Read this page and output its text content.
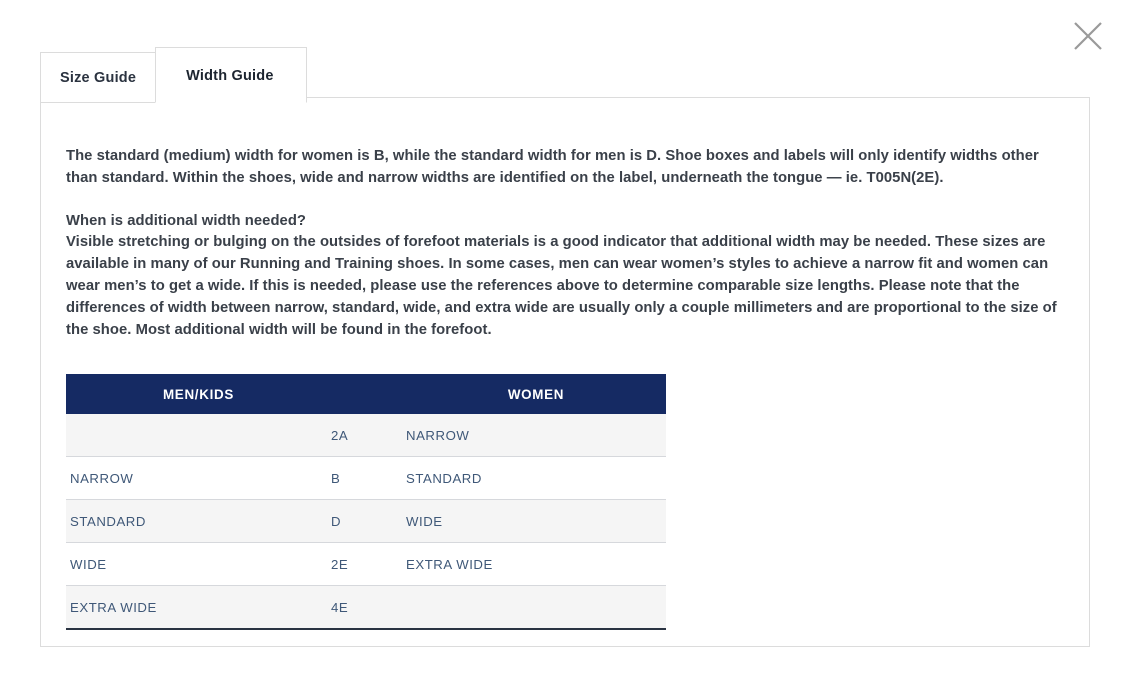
Size Guide	Width Guide

The standard (medium) width for women is B, while the standard width for men is D. Shoe boxes and labels will only identify widths other than standard. Within the shoes, wide and narrow widths are identified on the label, underneath the tongue — ie. T005N(2E).

When is additional width needed?

Visible stretching or bulging on the outsides of forefoot materials is a good indicator that additional width may be needed. These sizes are available in many of our Running and Training shoes. In some cases, men can wear women’s styles to achieve a narrow fit and women can wear men’s to get a wide. If this is needed, please use the references above to determine comparable size lengths. Please note that the differences of width between narrow, standard, wide, and extra wide are usually only a couple millimeters and are proportional to the size of the shoe. Most additional width will be found in the forefoot.

MEN/KIDS		WOMEN
	2A	NARROW
NARROW	B	STANDARD
STANDARD	D	WIDE
WIDE	2E	EXTRA WIDE
EXTRA WIDE	4E	
